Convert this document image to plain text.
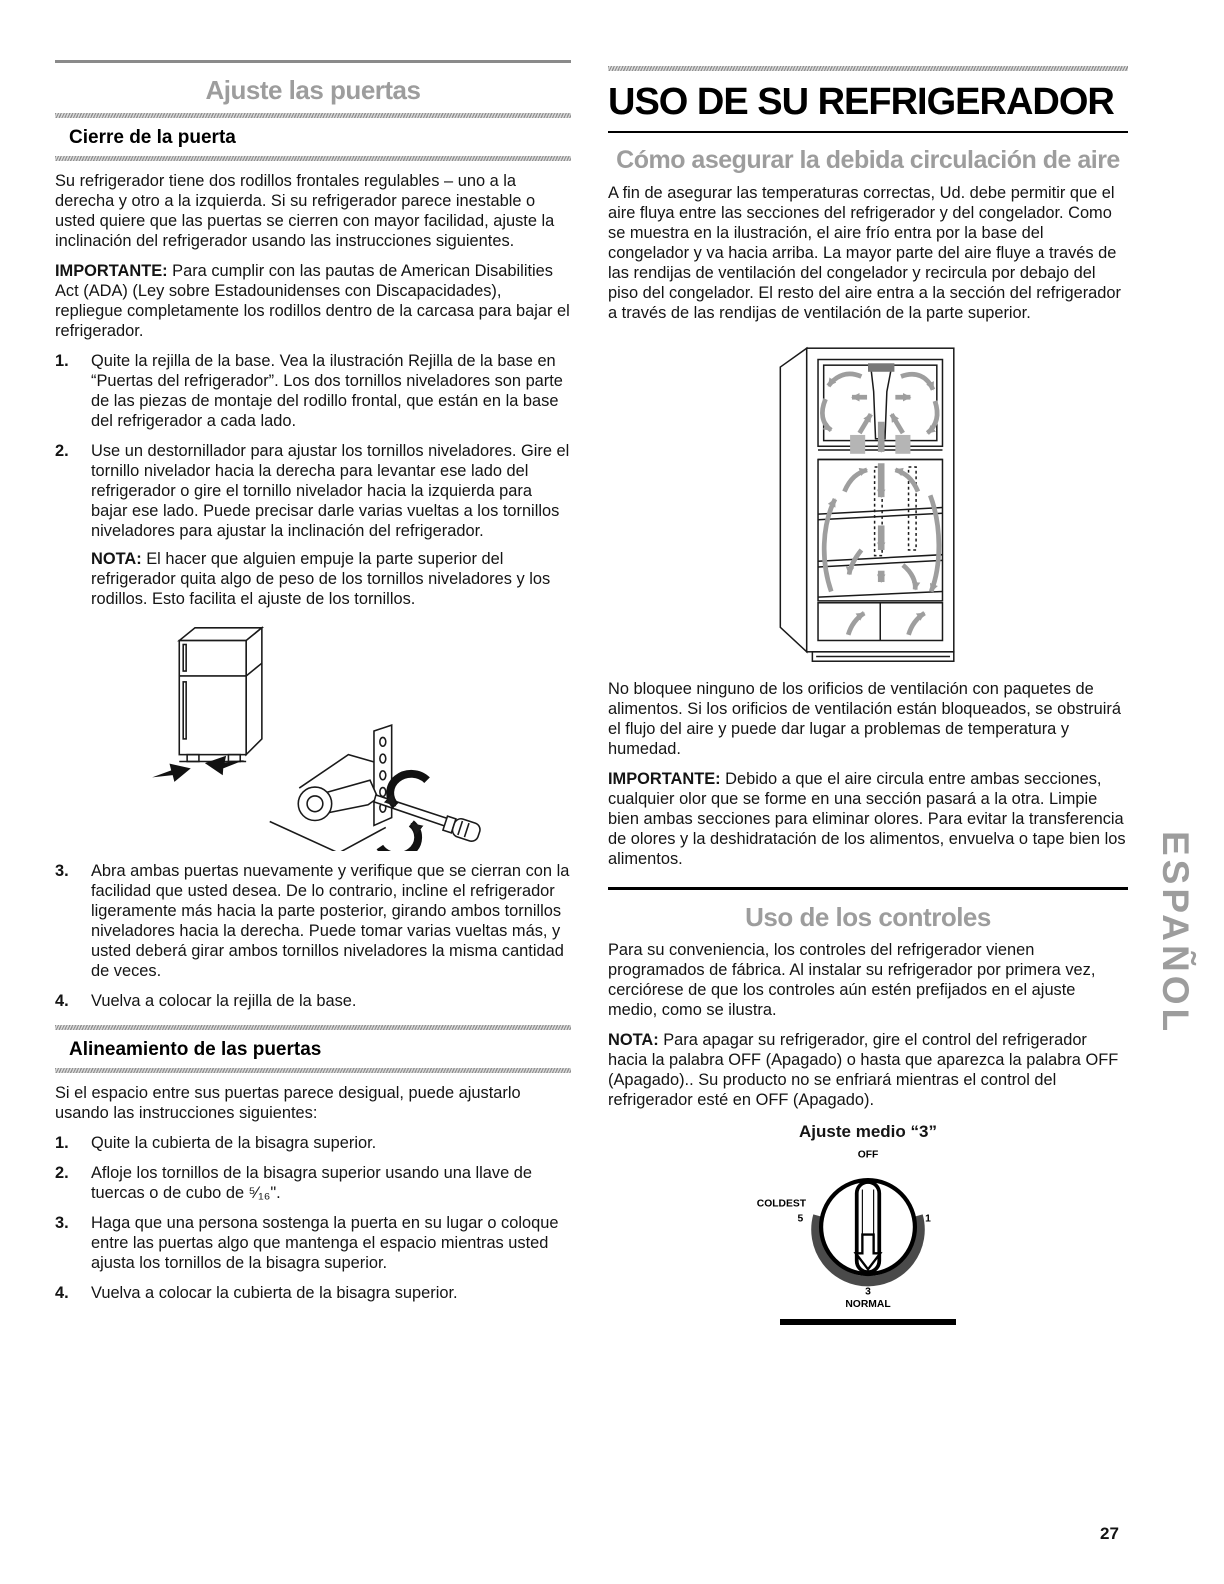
Ajuste las puertas
Cierre de la puerta

Su refrigerador tiene dos rodillos frontales regulables – uno a la derecha y otro a la izquierda. Si su refrigerador parece inestable o usted quiere que las puertas se cierren con mayor facilidad, ajuste la inclinación del refrigerador usando las instrucciones siguientes.

IMPORTANTE: Para cumplir con las pautas de American Disabilities Act (ADA) (Ley sobre Estadounidenses con Discapacidades), repliegue completamente los rodillos dentro de la carcasa para bajar el refrigerador.

1.	Quite la rejilla de la base. Vea la ilustración Rejilla de la base en “Puertas del refrigerador”. Los dos tornillos niveladores son parte de las piezas de montaje del rodillo frontal, que están en la base del refrigerador a cada lado.
2.	Use un destornillador para ajustar los tornillos niveladores. Gire el tornillo nivelador hacia la derecha para levantar ese lado del refrigerador o gire el tornillo nivelador hacia la izquierda para bajar ese lado. Puede precisar darle varias vueltas a los tornillos niveladores para ajustar la inclinación del refrigerador.
NOTA: El hacer que alguien empuje la parte superior del refrigerador quita algo de peso de los tornillos niveladores y los rodillos. Esto facilita el ajuste de los tornillos.
3.	Abra ambas puertas nuevamente y verifique que se cierran con la facilidad que usted desea. De lo contrario, incline el refrigerador ligeramente más hacia la parte posterior, girando ambos tornillos niveladores hacia la derecha. Puede tomar varias vueltas más, y usted deberá girar ambos tornillos niveladores la misma cantidad de veces.
4.	Vuelva a colocar la rejilla de la base.
Alineamiento de las puertas

Si el espacio entre sus puertas parece desigual, puede ajustarlo usando las instrucciones siguientes:

1.	Quite la cubierta de la bisagra superior.
2.	Afloje los tornillos de la bisagra superior usando una llave de tuercas o de cubo de ⁵⁄₁₆".
3.	Haga que una persona sostenga la puerta en su lugar o coloque entre las puertas algo que mantenga el espacio mientras usted ajusta los tornillos de la bisagra superior.
4.	Vuelva a colocar la cubierta de la bisagra superior.
USO DE SU REFRIGERADOR
Cómo asegurar la debida circulación de aire

A fin de asegurar las temperaturas correctas, Ud. debe permitir que el aire fluya entre las secciones del refrigerador y del congelador. Como se muestra en la ilustración, el aire frío entra por la base del congelador y va hacia arriba. La mayor parte del aire fluye a través de las rendijas de ventilación del congelador y recircula por debajo del piso del congelador. El resto del aire entra a la sección del refrigerador a través de las rendijas de ventilación de la parte superior.

No bloquee ninguno de los orificios de ventilación con paquetes de alimentos. Si los orificios de ventilación están bloqueados, se obstruirá el flujo del aire y puede dar lugar a problemas de temperatura y humedad.

IMPORTANTE: Debido a que el aire circula entre ambas secciones, cualquier olor que se forme en una sección pasará a la otra. Limpie bien ambas secciones para eliminar olores. Para evitar la transferencia de olores y la deshidratación de los alimentos, envuelva o tape bien los alimentos.

Uso de los controles

Para su conveniencia, los controles del refrigerador vienen programados de fábrica. Al instalar su refrigerador por primera vez, cerciórese de que los controles aún estén prefijados en el ajuste medio, como se ilustra.

NOTA: Para apagar su refrigerador, gire el control del refrigerador hacia la palabra OFF (Apagado) o hasta que aparezca la palabra OFF (Apagado).. Su producto no se enfriará mientras el control del refrigerador esté en OFF (Apagado).

Ajuste medio “3”
OFF
COLDEST
5	1
3
NORMAL
ESPAÑOL
27
